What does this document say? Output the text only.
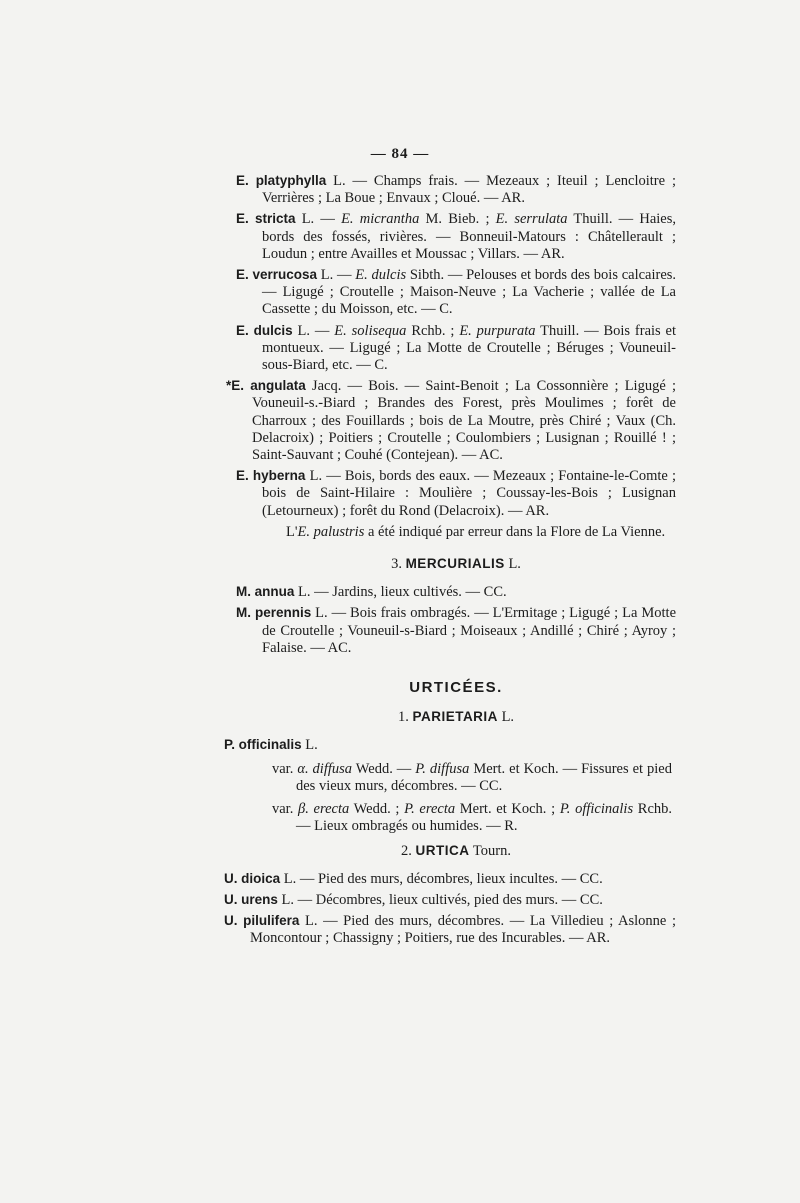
— 84 —

E. platyphylla L. — Champs frais. — Mezeaux ; Iteuil ; Lencloitre ; Verrières ; La Boue ; Envaux ; Cloué. — AR.

E. stricta L. — E. micrantha M. Bieb. ; E. serrulata Thuill. — Haies, bords des fossés, rivières. — Bonneuil-Matours : Châtellerault ; Loudun ; entre Availles et Moussac ; Villars. — AR.

E. verrucosa L. — E. dulcis Sibth. — Pelouses et bords des bois calcaires. — Ligugé ; Croutelle ; Maison-Neuve ; La Vacherie ; vallée de La Cassette ; du Moisson, etc. — C.

E. dulcis L. — E. solisequa Rchb. ; E. purpurata Thuill. — Bois frais et montueux. — Ligugé ; La Motte de Croutelle ; Béruges ; Vouneuil-sous-Biard, etc. — C.

*E. angulata Jacq. — Bois. — Saint-Benoit ; La Cossonnière ; Ligugé ; Vouneuil-s.-Biard ; Brandes des Forest, près Moulimes ; forêt de Charroux ; des Fouillards ; bois de La Moutre, près Chiré ; Vaux (Ch. Delacroix) ; Poitiers ; Croutelle ; Coulombiers ; Lusignan ; Rouillé ! ; Saint-Sauvant ; Couhé (Contejean). — AC.

E. hyberna L. — Bois, bords des eaux. — Mezeaux ; Fontaine-le-Comte ; bois de Saint-Hilaire : Moulière ; Coussay-les-Bois ; Lusignan (Letourneux) ; forêt du Rond (Delacroix). — AR.

L'E. palustris a été indiqué par erreur dans la Flore de La Vienne.

3. MERCURIALIS L.

M. annua L. — Jardins, lieux cultivés. — CC.

M. perennis L. — Bois frais ombragés. — L'Ermitage ; Ligugé ; La Motte de Croutelle ; Vouneuil-s-Biard ; Moiseaux ; Andillé ; Chiré ; Ayroy ; Falaise. — AC.

URTICÉES.
1. PARIETARIA L.

P. officinalis L.

var. α. diffusa Wedd. — P. diffusa Mert. et Koch. — Fissures et pied des vieux murs, décombres. — CC.

var. β. erecta Wedd. ; P. erecta Mert. et Koch. ; P. officinalis Rchb. — Lieux ombragés ou humides. — R.

2. URTICA Tourn.

U. dioica L. — Pied des murs, décombres, lieux incultes. — CC.

U. urens L. — Décombres, lieux cultivés, pied des murs. — CC.

U. pilulifera L. — Pied des murs, décombres. — La Villedieu ; Aslonne ; Moncontour ; Chassigny ; Poitiers, rue des Incurables. — AR.
